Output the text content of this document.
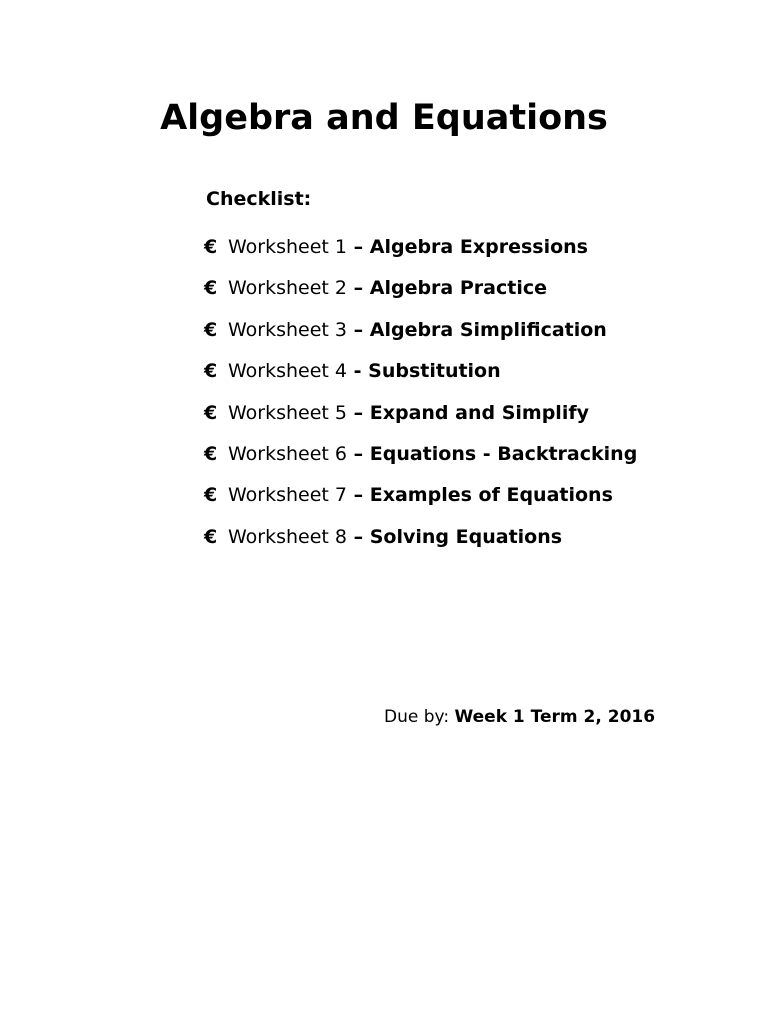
Algebra and Equations

Checklist:

€ Worksheet 1 – Algebra Expressions
€ Worksheet 2 – Algebra Practice
€ Worksheet 3 – Algebra Simplification
€ Worksheet 4 - Substitution
€ Worksheet 5 – Expand and Simplify
€ Worksheet 6 – Equations - Backtracking
€ Worksheet 7 – Examples of Equations
€ Worksheet 8 – Solving Equations

Due by: Week 1 Term 2, 2016
